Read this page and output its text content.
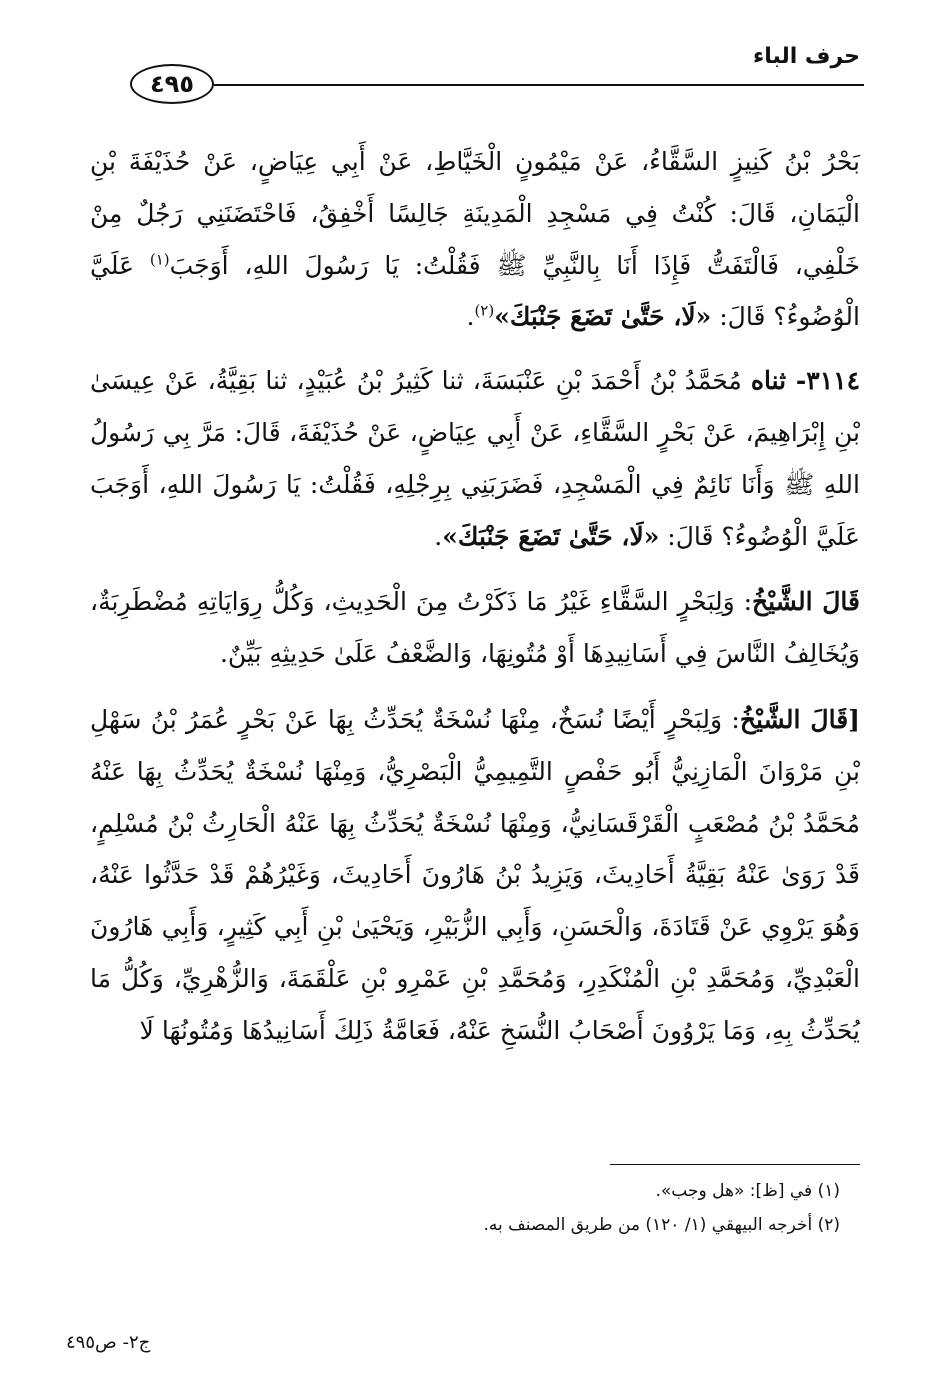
حرف الباء
٤٩٥

بَحْرُ بْنُ كَنِيزٍ السَّقَّاءُ، عَنْ مَيْمُونٍ الْخَيَّاطِ، عَنْ أَبِي عِيَاضٍ، عَنْ حُذَيْفَةَ بْنِ الْيَمَانِ، قَالَ: كُنْتُ فِي مَسْجِدِ الْمَدِينَةِ جَالِسًا أَخْفِقُ، فَاحْتَضَنَنِي رَجُلٌ مِنْ خَلْفِي، فَالْتَفَتُّ فَإِذَا أَنَا بِالنَّبِيِّ ﷺ فَقُلْتُ: يَا رَسُولَ اللهِ، أَوَجَبَ$^{(١)}$ عَلَيَّ الْوُضُوءُ؟ قَالَ: «لَا، حَتَّىٰ تَضَعَ جَنْبَكَ»$^{(٢)}$.

٣١١٤- ثناه مُحَمَّدُ بْنُ أَحْمَدَ بْنِ عَنْبَسَةَ، ثنا كَثِيرُ بْنُ عُبَيْدٍ، ثنا بَقِيَّةُ، عَنْ عِيسَىٰ بْنِ إِبْرَاهِيمَ، عَنْ بَحْرٍ السَّقَّاءِ، عَنْ أَبِي عِيَاضٍ، عَنْ حُذَيْفَةَ، قَالَ: مَرَّ بِي رَسُولُ اللهِ ﷺ وَأَنَا نَائِمٌ فِي الْمَسْجِدِ، فَضَرَبَنِي بِرِجْلِهِ، فَقُلْتُ: يَا رَسُولَ اللهِ، أَوَجَبَ عَلَيَّ الْوُضُوءُ؟ قَالَ: «لَا، حَتَّىٰ تَضَعَ جَنْبَكَ».

قَالَ الشَّيْخُ: وَلِبَحْرٍ السَّقَّاءِ غَيْرُ مَا ذَكَرْتُ مِنَ الْحَدِيثِ، وَكُلُّ رِوَايَاتِهِ مُضْطَرِبَةٌ، وَيُخَالِفُ النَّاسَ فِي أَسَانِيدِهَا أَوْ مُتُونِهَا، وَالضَّعْفُ عَلَىٰ حَدِيثِهِ بَيِّنٌ.

[قَالَ الشَّيْخُ: وَلِبَحْرٍ أَيْضًا نُسَخٌ، مِنْهَا نُسْخَةٌ يُحَدِّثُ بِهَا عَنْ بَحْرٍ عُمَرُ بْنُ سَهْلِ بْنِ مَرْوَانَ الْمَازِنِيُّ أَبُو حَفْصٍ التَّمِيمِيُّ الْبَصْرِيُّ، وَمِنْهَا نُسْخَةٌ يُحَدِّثُ بِهَا عَنْهُ مُحَمَّدُ بْنُ مُصْعَبٍ الْقَرْقَسَانِيُّ، وَمِنْهَا نُسْخَةٌ يُحَدِّثُ بِهَا عَنْهُ الْحَارِثُ بْنُ مُسْلِمٍ، قَدْ رَوَىٰ عَنْهُ بَقِيَّةُ أَحَادِيثَ، وَيَزِيدُ بْنُ هَارُونَ أَحَادِيثَ، وَغَيْرُهُمْ قَدْ حَدَّثُوا عَنْهُ، وَهُوَ يَرْوِي عَنْ قَتَادَةَ، وَالْحَسَنِ، وَأَبِي الزُّبَيْرِ، وَيَحْيَىٰ بْنِ أَبِي كَثِيرٍ، وَأَبِي هَارُونَ الْعَبْدِيِّ، وَمُحَمَّدِ بْنِ الْمُنْكَدِرِ، وَمُحَمَّدِ بْنِ عَمْرِو بْنِ عَلْقَمَةَ، وَالزُّهْرِيِّ، وَكُلُّ مَا يُحَدِّثُ بِهِ، وَمَا يَرْوُونَ أَصْحَابُ النُّسَخِ عَنْهُ، فَعَامَّةُ ذَلِكَ أَسَانِيدُهَا وَمُتُونُهَا لَا

(١) في [ظ]: «هل وجب».

(٢) أخرجه البيهقي (١/ ١٢٠) من طريق المصنف به.

ج٢- ص٤٩٥
